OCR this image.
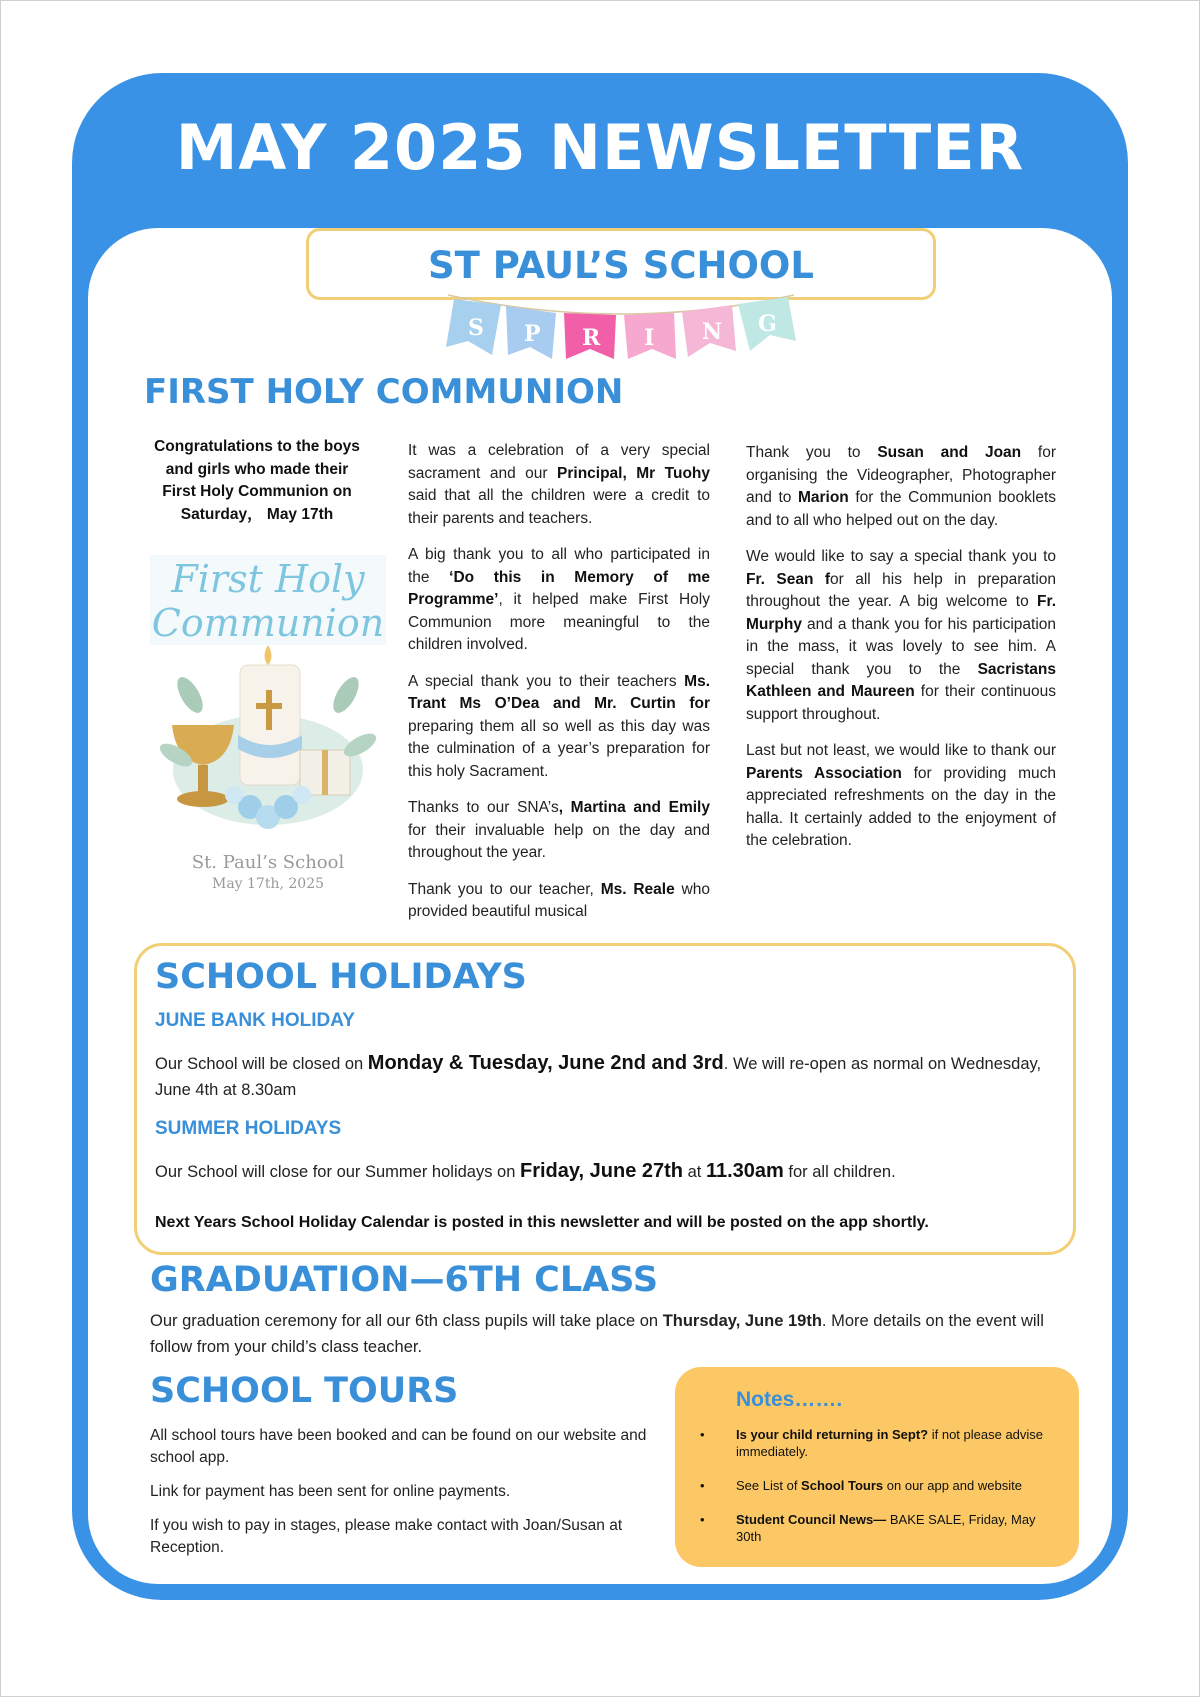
MAY 2025 NEWSLETTER
ST PAUL’S SCHOOL
S P R I N G
FIRST HOLY COMMUNION

Congratulations to the boys and girls who made their First Holy Communion on Saturday， May 17th

First Holy
Communion
St. Paul’s School
May 17th, 2025

It was a celebration of a very special sacrament and our Principal, Mr Tuohy said that all the children were a credit to their parents and teachers.

A big thank you to all who participated in the ‘Do this in Memory of me Programme’, it helped make First Holy Communion more meaningful to the children involved.

A special thank you to their teachers Ms. Trant Ms O’Dea and Mr. Curtin for preparing them all so well as this day was the culmination of a year’s preparation for this holy Sacrament.

Thanks to our SNA’s, Martina and Emily for their invaluable help on the day and throughout the year.

Thank you to our teacher, Ms. Reale who provided beautiful musical

Thank you to Susan and Joan for organising the Videographer, Photographer and to Marion for the Communion booklets and to all who helped out on the day.

We would like to say a special thank you to Fr. Sean for all his help in preparation throughout the year. A big welcome to Fr. Murphy and a thank you for his participation in the mass, it was lovely to see him. A special thank you to the Sacristans Kathleen and Maureen for their continuous support throughout.

Last but not least, we would like to thank our Parents Association for providing much appreciated refreshments on the day in the halla. It certainly added to the enjoyment of the celebration.

SCHOOL HOLIDAYS
JUNE BANK HOLIDAY

Our School will be closed on Monday & Tuesday, June 2nd and 3rd. We will re-open as normal on Wednesday, June 4th at 8.30am

SUMMER HOLIDAYS

Our School will close for our Summer holidays on Friday, June 27th at 11.30am for all children.

Next Years School Holiday Calendar is posted in this newsletter and will be posted on the app shortly.

GRADUATION—6TH CLASS

Our graduation ceremony for all our 6th class pupils will take place on Thursday, June 19th. More details on the event will follow from your child’s class teacher.

SCHOOL TOURS

All school tours have been booked and can be found on our website and school app.

Link for payment has been sent for online payments.

If you wish to pay in stages, please make contact with Joan/Susan at Reception.

Notes…….
• Is your child returning in Sept? if not please advise immediately.
• See List of School Tours on our app and website
• Student Council News— BAKE SALE, Friday, May 30th
